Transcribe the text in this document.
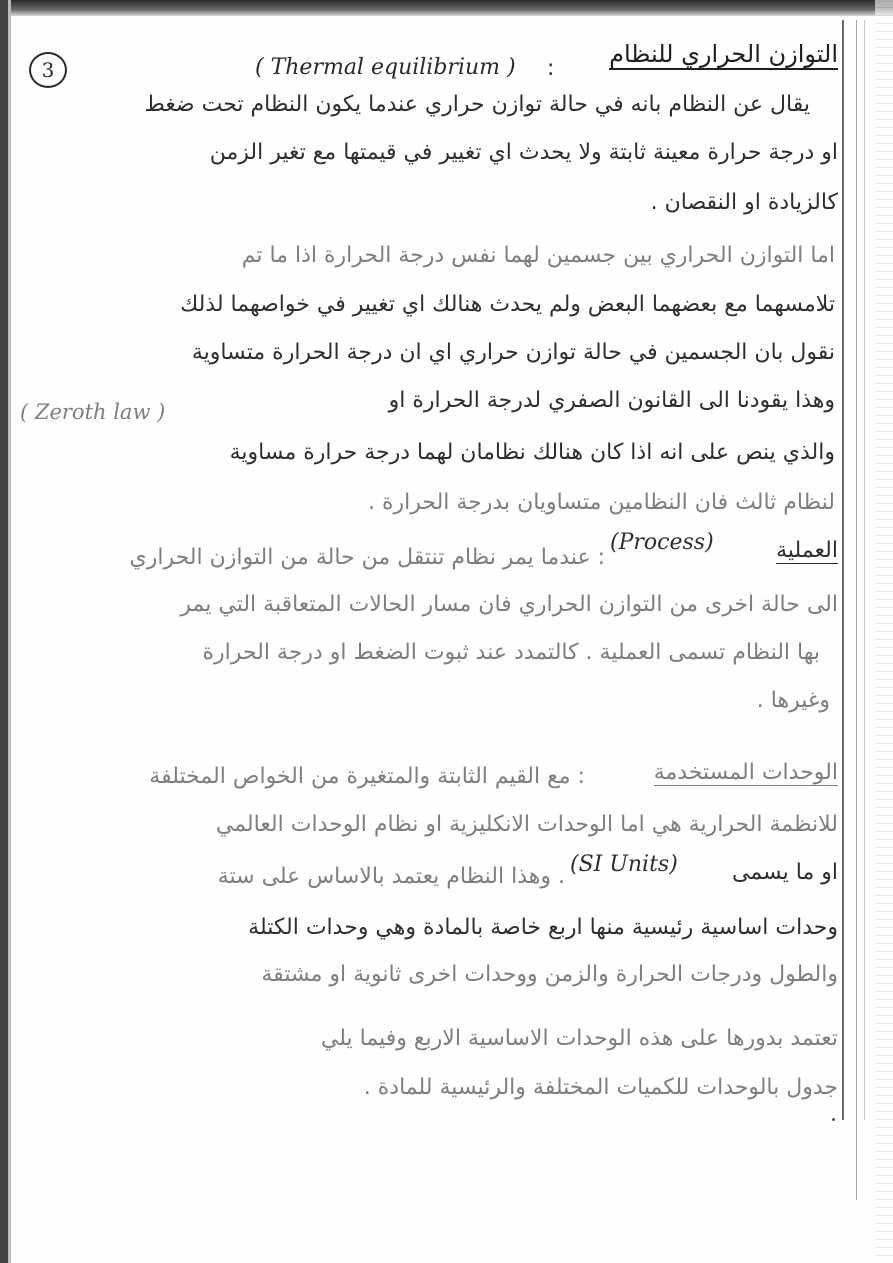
3
التوازن الحراري للنظام
:
( Thermal equilibrium )
يقال عن النظام بانه في حالة توازن حراري عندما يكون النظام تحت ضغط
او درجة حرارة معينة ثابتة ولا يحدث اي تغيير في قيمتها مع تغير الزمن
كالزيادة او النقصان .
اما التوازن الحراري بين جسمين لهما نفس درجة الحرارة اذا ما تم
تلامسهما مع بعضهما البعض ولم يحدث هنالك اي تغيير في خواصهما لذلك
نقول بان الجسمين في حالة توازن حراري اي ان درجة الحرارة متساوية
وهذا يقودنا الى القانون الصفري لدرجة الحرارة او
( Zeroth law )
والذي ينص على انه اذا كان هنالك نظامان لهما درجة حرارة مساوية
لنظام ثالث فان النظامين متساويان بدرجة الحرارة .
العملية
(Process)
: عندما يمر نظام تنتقل من حالة من التوازن الحراري
الى حالة اخرى من التوازن الحراري فان مسار الحالات المتعاقبة التي يمر
بها النظام تسمى العملية . كالتمدد عند ثبوت الضغط او درجة الحرارة
وغيرها .
الوحدات المستخدمة
: مع القيم الثابتة والمتغيرة من الخواص المختلفة
للانظمة الحرارية هي اما الوحدات الانكليزية او نظام الوحدات العالمي
او ما يسمى
(SI Units)
. وهذا النظام يعتمد بالاساس على ستة
وحدات اساسية رئيسية منها اربع خاصة بالمادة وهي وحدات الكتلة
والطول ودرجات الحرارة والزمن ووحدات اخرى ثانوية او مشتقة
تعتمد بدورها على هذه الوحدات الاساسية الاربع وفيما يلي
جدول بالوحدات للكميات المختلفة والرئيسية للمادة .
